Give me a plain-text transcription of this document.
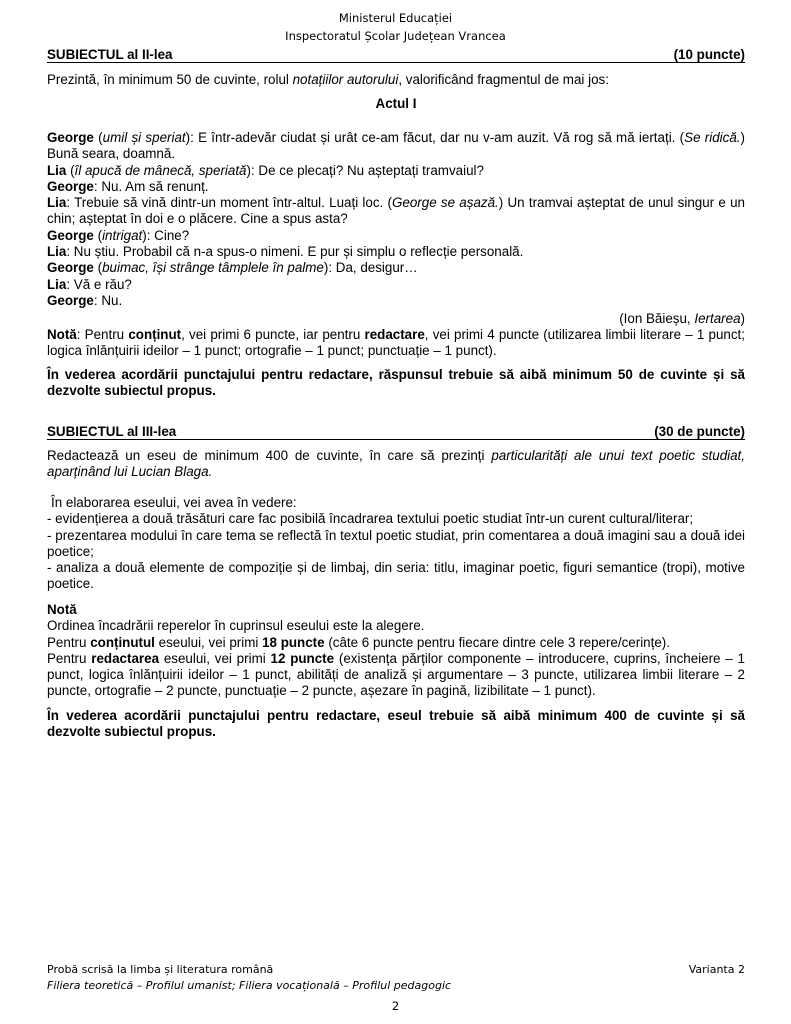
Ministerul Educației
Inspectoratul Școlar Județean Vrancea
SUBIECTUL al II-lea	(10 puncte)
Prezintă, în minimum 50 de cuvinte, rolul notațiilor autorului, valorificând fragmentul de mai jos:
Actul I

George (umil și speriat): E într-adevăr ciudat și urât ce-am făcut, dar nu v-am auzit. Vă rog să mă iertați. (Se ridică.) Bună seara, doamnă.

Lia (îl apucă de mânecă, speriată): De ce plecați? Nu așteptați tramvaiul?

George: Nu. Am să renunț.

Lia: Trebuie să vină dintr-un moment într-altul. Luați loc. (George se așază.) Un tramvai așteptat de unul singur e un chin; așteptat în doi e o plăcere. Cine a spus asta?

George (intrigat): Cine?

Lia: Nu știu. Probabil că n-a spus-o nimeni. E pur și simplu o reflecție personală.

George (buimac, își strânge tâmplele în palme): Da, desigur…

Lia: Vă e rău?

George: Nu.

(Ion Băieșu, Iertarea)
Notă: Pentru conținut, vei primi 6 puncte, iar pentru redactare, vei primi 4 puncte (utilizarea limbii literare – 1 punct; logica înlănțuirii ideilor – 1 punct; ortografie – 1 punct; punctuație – 1 punct).
În vederea acordării punctajului pentru redactare, răspunsul trebuie să aibă minimum 50 de cuvinte și să dezvolte subiectul propus.
SUBIECTUL al III-lea	(30 de puncte)
Redactează un eseu de minimum 400 de cuvinte, în care să prezinți particularități ale unui text poetic studiat, aparținând lui Lucian Blaga.

În elaborarea eseului, vei avea în vedere:

- evidențierea a două trăsături care fac posibilă încadrarea textului poetic studiat într-un curent cultural/literar;

- prezentarea modului în care tema se reflectă în textul poetic studiat, prin comentarea a două imagini sau a două idei poetice;

- analiza a două elemente de compoziție și de limbaj, din seria: titlu, imaginar poetic, figuri semantice (tropi), motive poetice.

Notă

Ordinea încadrării reperelor în cuprinsul eseului este la alegere.

Pentru conținutul eseului, vei primi 18 puncte (câte 6 puncte pentru fiecare dintre cele 3 repere/cerințe).

Pentru redactarea eseului, vei primi 12 puncte (existența părților componente – introducere, cuprins, încheiere – 1 punct, logica înlănțuirii ideilor – 1 punct, abilități de analiză și argumentare – 3 puncte, utilizarea limbii literare – 2 puncte, ortografie – 2 puncte, punctuație – 2 puncte, așezare în pagină, lizibilitate – 1 punct).

În vederea acordării punctajului pentru redactare, eseul trebuie să aibă minimum 400 de cuvinte și să dezvolte subiectul propus.
Probă scrisă la limba și literatura română	Varianta 2
Filiera teoretică – Profilul umanist; Filiera vocațională – Profilul pedagogic
2
